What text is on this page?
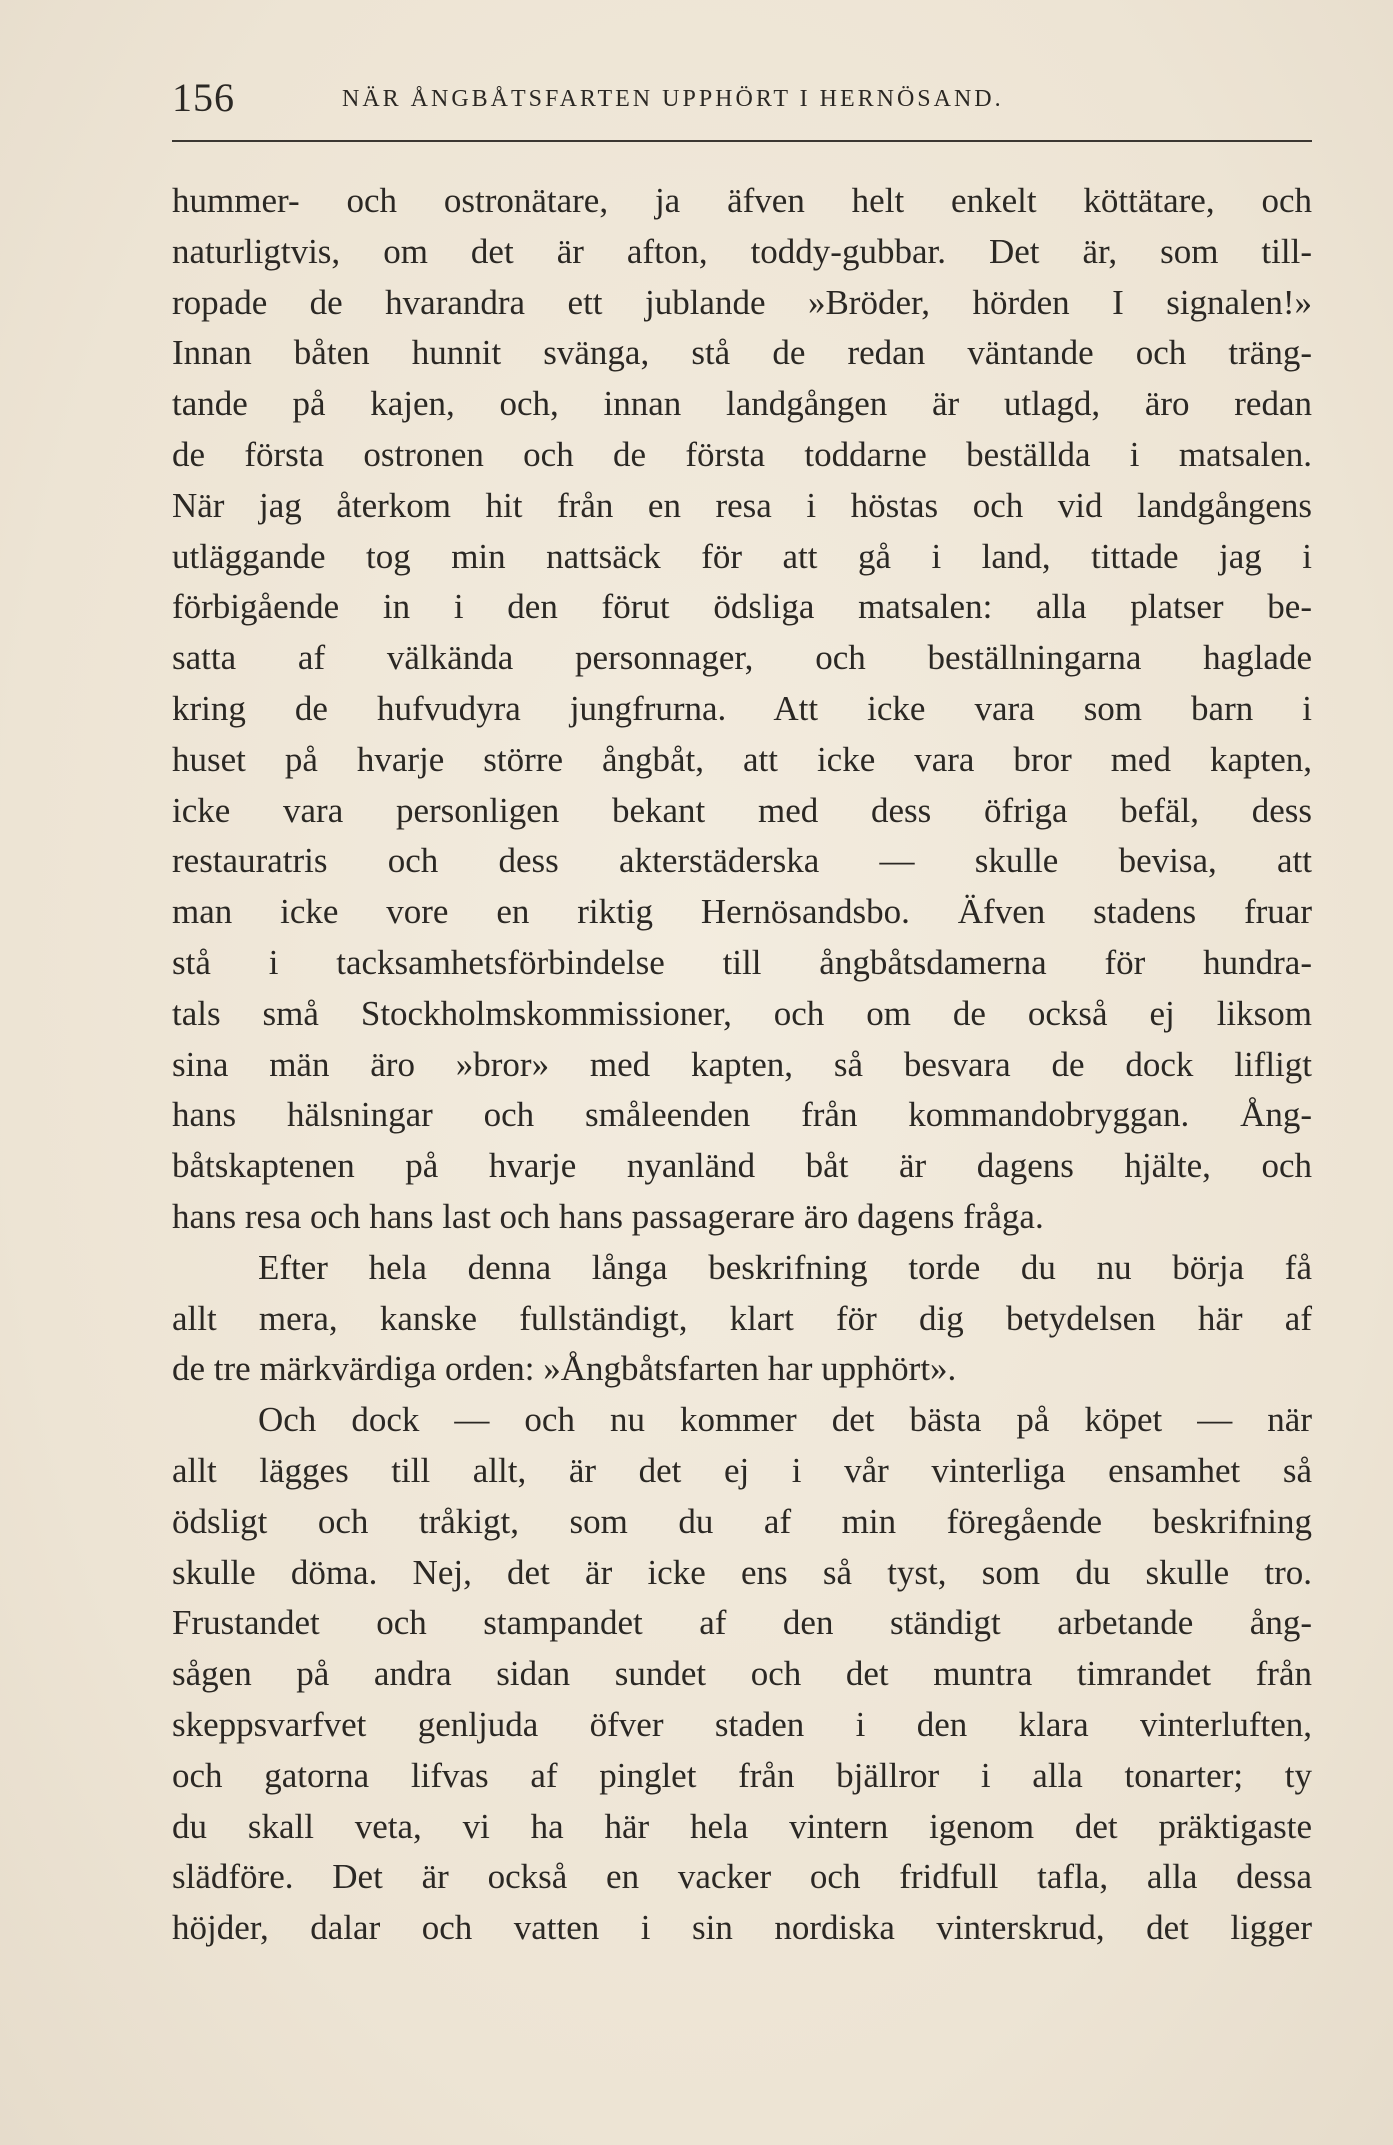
156	NÄR ÅNGBÅTSFARTEN UPPHÖRT I HERNÖSAND.
hummer- och ostronätare, ja äfven helt enkelt köttätare, och
naturligtvis, om det är afton, toddy-gubbar. Det är, som till-
ropade de hvarandra ett jublande »Bröder, hörden I signalen!»
Innan båten hunnit svänga, stå de redan väntande och träng-
tande på kajen, och, innan landgången är utlagd, äro redan
de första ostronen och de första toddarne beställda i matsalen.
När jag återkom hit från en resa i höstas och vid landgångens
utläggande tog min nattsäck för att gå i land, tittade jag i
förbigående in i den förut ödsliga matsalen: alla platser be-
satta af välkända personnager, och beställningarna haglade
kring de hufvudyra jungfrurna. Att icke vara som barn i
huset på hvarje större ångbåt, att icke vara bror med kapten,
icke vara personligen bekant med dess öfriga befäl, dess
restauratris och dess akterstäderska — skulle bevisa, att
man icke vore en riktig Hernösandsbo. Äfven stadens fruar
stå i tacksamhetsförbindelse till ångbåtsdamerna för hundra-
tals små Stockholmskommissioner, och om de också ej liksom
sina män äro »bror» med kapten, så besvara de dock lifligt
hans hälsningar och småleenden från kommandobryggan. Ång-
båtskaptenen på hvarje nyanländ båt är dagens hjälte, och
hans resa och hans last och hans passagerare äro dagens fråga.
Efter hela denna långa beskrifning torde du nu börja få
allt mera, kanske fullständigt, klart för dig betydelsen här af
de tre märkvärdiga orden: »Ångbåtsfarten har upphört».
Och dock — och nu kommer det bästa på köpet — när
allt lägges till allt, är det ej i vår vinterliga ensamhet så
ödsligt och tråkigt, som du af min föregående beskrifning
skulle döma. Nej, det är icke ens så tyst, som du skulle tro.
Frustandet och stampandet af den ständigt arbetande ång-
sågen på andra sidan sundet och det muntra timrandet från
skeppsvarfvet genljuda öfver staden i den klara vinterluften,
och gatorna lifvas af pinglet från bjällror i alla tonarter; ty
du skall veta, vi ha här hela vintern igenom det präktigaste
slädföre. Det är också en vacker och fridfull tafla, alla dessa
höjder, dalar och vatten i sin nordiska vinterskrud, det ligger
